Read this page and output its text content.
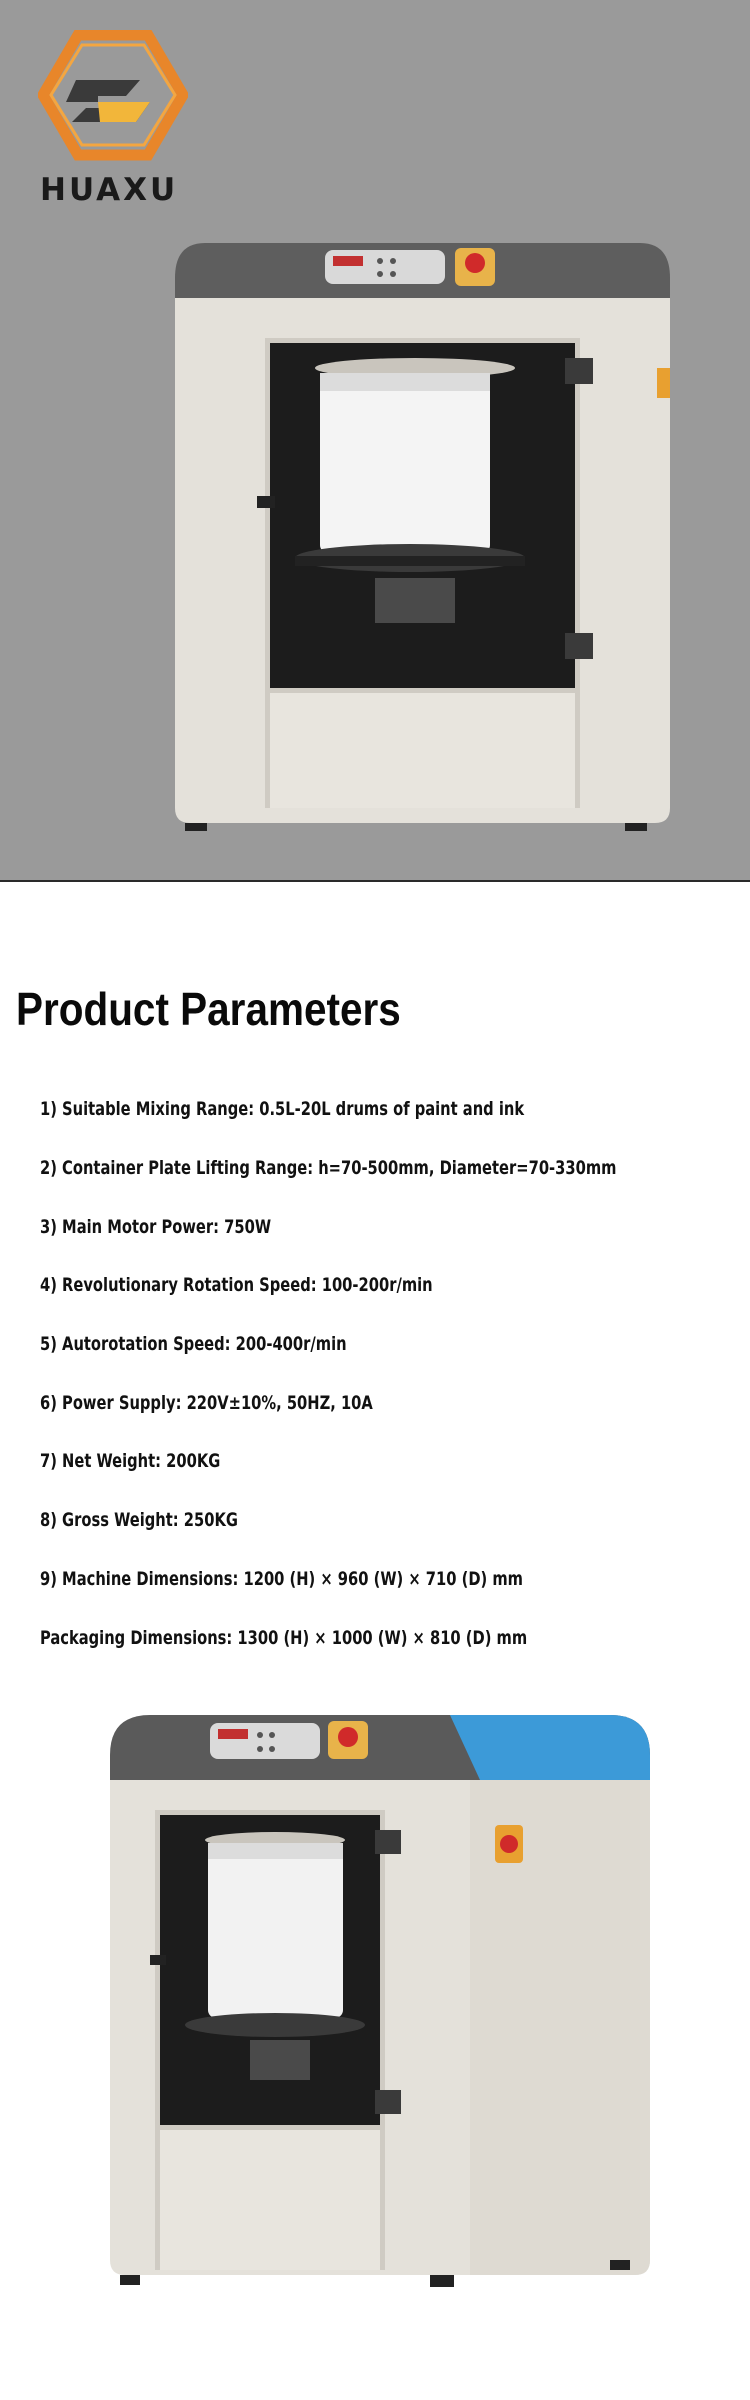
HUAXU
Product Parameters
1) Suitable Mixing Range: 0.5L-20L drums of paint and ink
2) Container Plate Lifting Range: h=70-500mm, Diameter=70-330mm
3) Main Motor Power: 750W
4) Revolutionary Rotation Speed: 100-200r/min
5) Autorotation Speed: 200-400r/min
6) Power Supply: 220V±10%, 50HZ, 10A
7) Net Weight: 200KG
8) Gross Weight: 250KG
9) Machine Dimensions: 1200 (H) × 960 (W) × 710 (D) mm
Packaging Dimensions: 1300 (H) × 1000 (W) × 810 (D) mm
